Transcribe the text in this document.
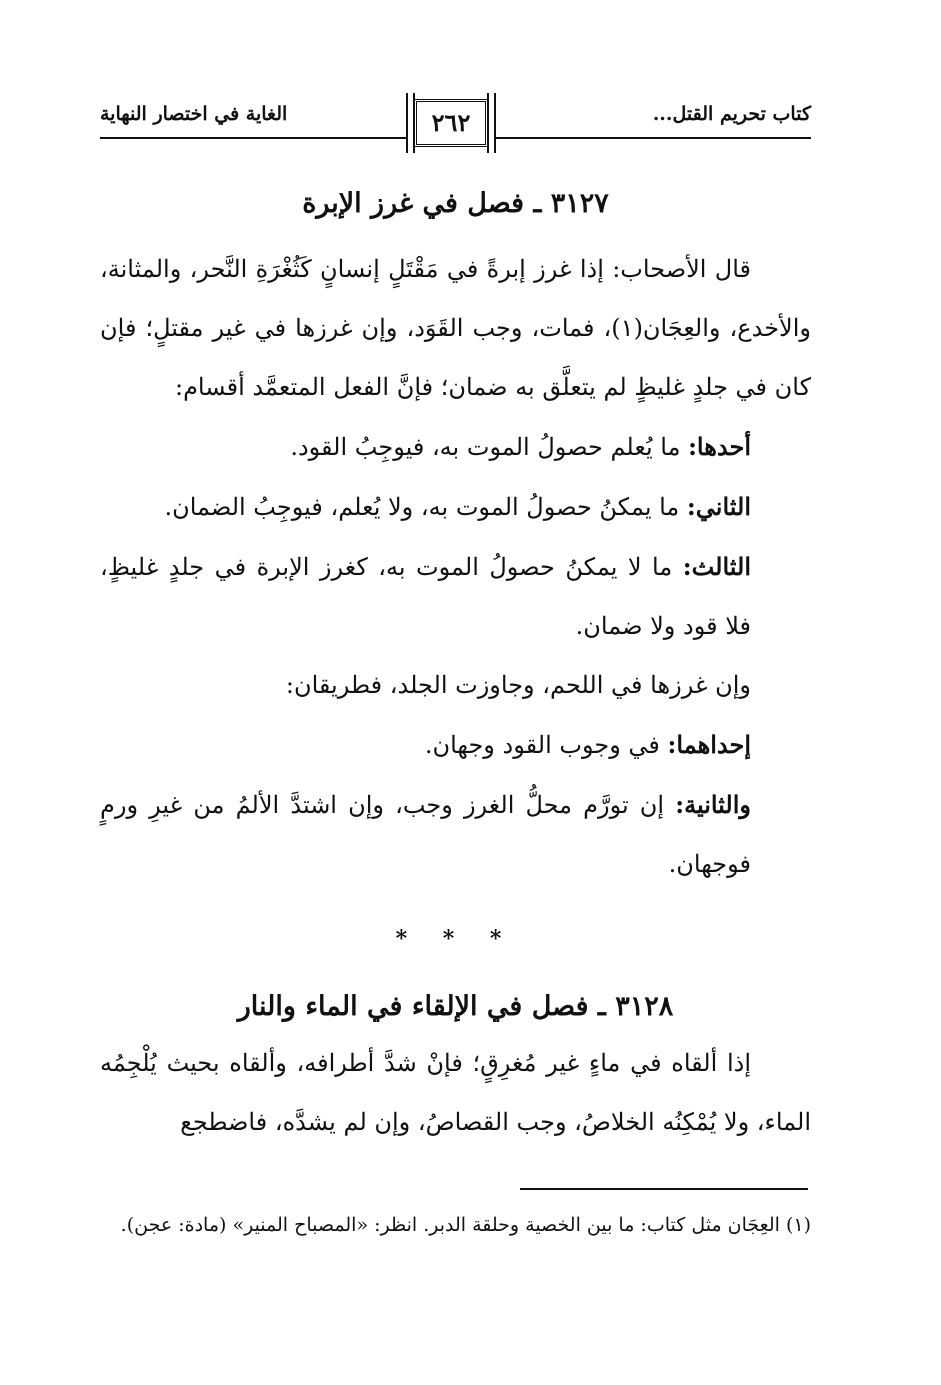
كتاب تحريم القتل...
٢٦٢
الغاية في اختصار النهاية
٣١٢٧ ـ فصل في غرز الإبرة

قال الأصحاب: إذا غرز إبرةً في مَقْتَلٍ إنسانٍ كَثُغْرَةِ النَّحر، والمثانة، والأخدع، والعِجَان(١)، فمات، وجب القَوَد، وإن غرزها في غير مقتلٍ؛ فإن كان في جلدٍ غليظٍ لم يتعلَّق به ضمان؛ فإنَّ الفعل المتعمَّد أقسام:

أحدها: ما يُعلم حصولُ الموت به، فيوجِبُ القود.

الثاني: ما يمكنُ حصولُ الموت به، ولا يُعلم، فيوجِبُ الضمان.

الثالث: ما لا يمكنُ حصولُ الموت به، كغرز الإبرة في جلدٍ غليظٍ، فلا قود ولا ضمان.

وإن غرزها في اللحم، وجاوزت الجلد، فطريقان:

إحداهما: في وجوب القود وجهان.

والثانية: إن تورَّم محلُّ الغرز وجب، وإن اشتدَّ الألمُ من غيرِ ورمٍ فوجهان.

* * *
٣١٢٨ ـ فصل في الإلقاء في الماء والنار

إذا ألقاه في ماءٍ غير مُغرِقٍ؛ فإنْ شدَّ أطرافه، وألقاه بحيث يُلْجِمُه الماء، ولا يُمْكِنُه الخلاصُ، وجب القصاصُ، وإن لم يشدَّه، فاضطجع

(١) العِجَان مثل كتاب: ما بين الخصية وحلقة الدبر. انظر: «المصباح المنير» (مادة: عجن).
